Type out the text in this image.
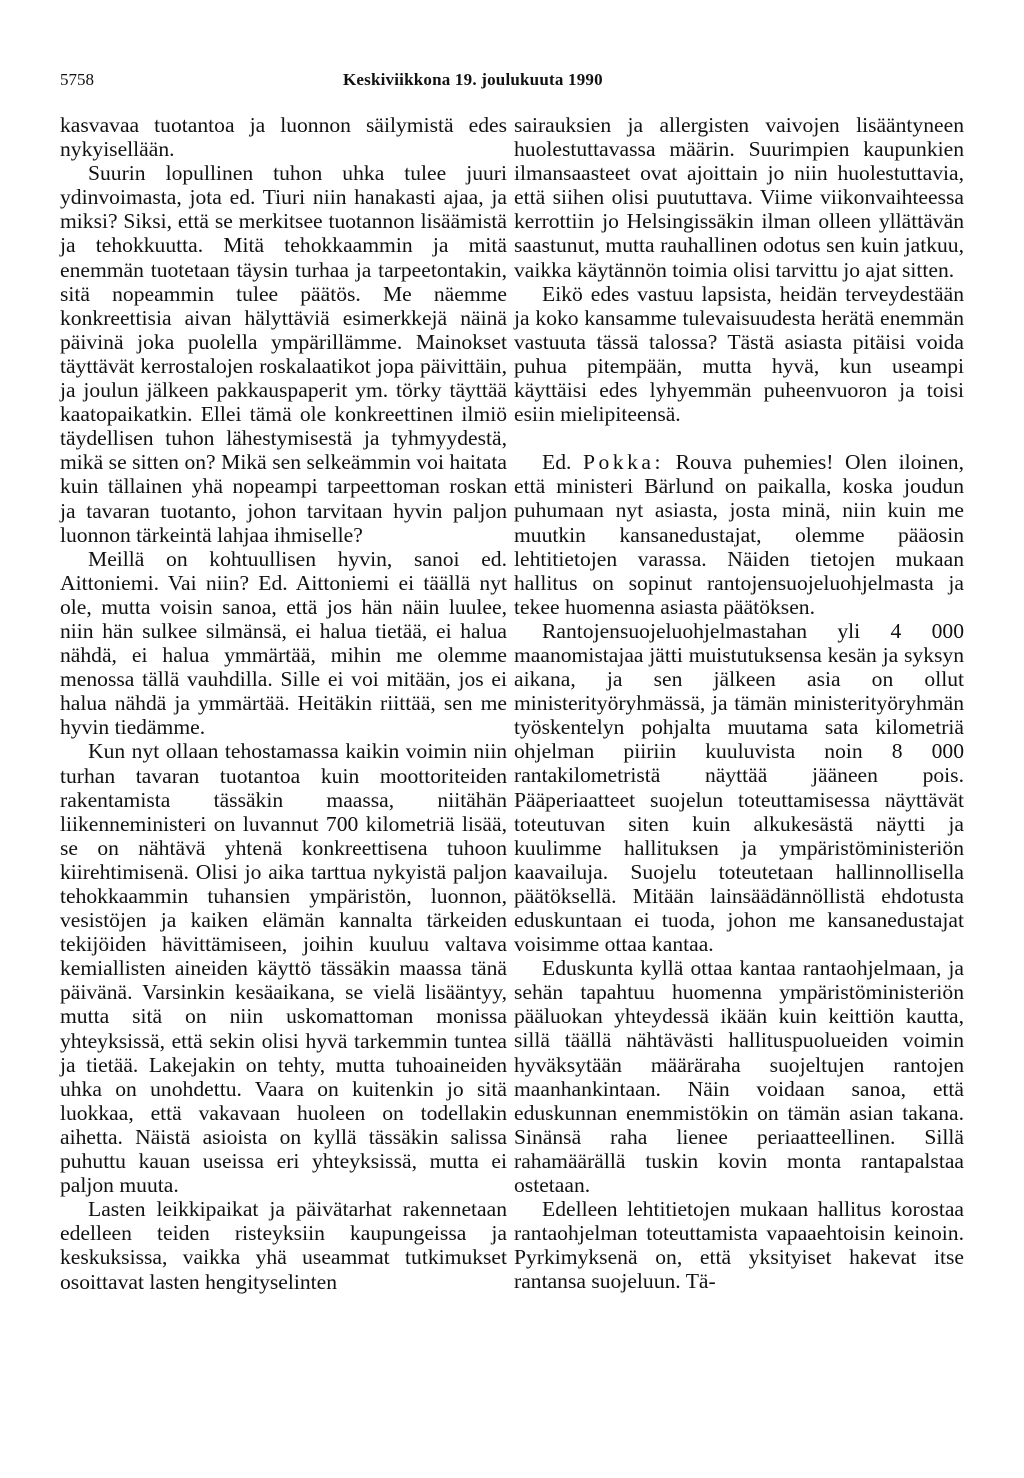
5758	Keskiviikkona 19. joulukuuta 1990

kasvavaa tuotantoa ja luonnon säilymistä edes nykyisellään.

Suurin lopullinen tuhon uhka tulee juuri ydinvoimasta, jota ed. Tiuri niin hanakasti ajaa, ja miksi? Siksi, että se merkitsee tuotannon lisäämistä ja tehokkuutta. Mitä tehokkaammin ja mitä enemmän tuotetaan täysin turhaa ja tarpeetontakin, sitä nopeammin tulee päätös. Me näemme konkreettisia aivan hälyttäviä esimerkkejä näinä päivinä joka puolella ympärillämme. Mainokset täyttävät kerrostalojen roskalaatikot jopa päivittäin, ja joulun jälkeen pakkauspaperit ym. törky täyttää kaatopaikatkin. Ellei tämä ole konkreettinen ilmiö täydellisen tuhon lähestymisestä ja tyhmyydestä, mikä se sitten on? Mikä sen selkeämmin voi haitata kuin tällainen yhä nopeampi tarpeettoman roskan ja tavaran tuotanto, johon tarvitaan hyvin paljon luonnon tärkeintä lahjaa ihmiselle?

Meillä on kohtuullisen hyvin, sanoi ed. Aittoniemi. Vai niin? Ed. Aittoniemi ei täällä nyt ole, mutta voisin sanoa, että jos hän näin luulee, niin hän sulkee silmänsä, ei halua tietää, ei halua nähdä, ei halua ymmärtää, mihin me olemme menossa tällä vauhdilla. Sille ei voi mitään, jos ei halua nähdä ja ymmärtää. Heitäkin riittää, sen me hyvin tiedämme.

Kun nyt ollaan tehostamassa kaikin voimin niin turhan tavaran tuotantoa kuin moottoriteiden rakentamista tässäkin maassa, niitähän liikenneministeri on luvannut 700 kilometriä lisää, se on nähtävä yhtenä konkreettisena tuhoon kiirehtimisenä. Olisi jo aika tarttua nykyistä paljon tehokkaammin tuhansien ympäristön, luonnon, vesistöjen ja kaiken elämän kannalta tärkeiden tekijöiden hävittämiseen, joihin kuuluu valtava kemiallisten aineiden käyttö tässäkin maassa tänä päivänä. Varsinkin kesäaikana, se vielä lisääntyy, mutta sitä on niin uskomattoman monissa yhteyksissä, että sekin olisi hyvä tarkemmin tuntea ja tietää. Lakejakin on tehty, mutta tuhoaineiden uhka on unohdettu. Vaara on kuitenkin jo sitä luokkaa, että vakavaan huoleen on todellakin aihetta. Näistä asioista on kyllä tässäkin salissa puhuttu kauan useissa eri yhteyksissä, mutta ei paljon muuta.

Lasten leikkipaikat ja päivätarhat rakennetaan edelleen teiden risteyksiin kaupungeissa ja keskuksissa, vaikka yhä useammat tutkimukset osoittavat lasten hengityselinten

sairauksien ja allergisten vaivojen lisääntyneen huolestuttavassa määrin. Suurimpien kaupunkien ilmansaasteet ovat ajoittain jo niin huolestuttavia, että siihen olisi puututtava. Viime viikonvaihteessa kerrottiin jo Helsingissäkin ilman olleen yllättävän saastunut, mutta rauhallinen odotus sen kuin jatkuu, vaikka käytännön toimia olisi tarvittu jo ajat sitten.

Eikö edes vastuu lapsista, heidän terveydestään ja koko kansamme tulevaisuudesta herätä enemmän vastuuta tässä talossa? Tästä asiasta pitäisi voida puhua pitempään, mutta hyvä, kun useampi käyttäisi edes lyhyemmän puheenvuoron ja toisi esiin mielipiteensä.

Ed. Pokka: Rouva puhemies! Olen iloinen, että ministeri Bärlund on paikalla, koska joudun puhumaan nyt asiasta, josta minä, niin kuin me muutkin kansanedustajat, olemme pääosin lehtitietojen varassa. Näiden tietojen mukaan hallitus on sopinut rantojensuojeluohjelmasta ja tekee huomenna asiasta päätöksen.

Rantojensuojeluohjelmastahan yli 4 000 maanomistajaa jätti muistutuksensa kesän ja syksyn aikana, ja sen jälkeen asia on ollut ministerityöryhmässä, ja tämän ministerityöryhmän työskentelyn pohjalta muutama sata kilometriä ohjelman piiriin kuuluvista noin 8 000 rantakilometristä näyttää jääneen pois. Pääperiaatteet suojelun toteuttamisessa näyttävät toteutuvan siten kuin alkukesästä näytti ja kuulimme hallituksen ja ympäristöministeriön kaavailuja. Suojelu toteutetaan hallinnollisella päätöksellä. Mitään lainsäädännöllistä ehdotusta eduskuntaan ei tuoda, johon me kansanedustajat voisimme ottaa kantaa.

Eduskunta kyllä ottaa kantaa rantaohjelmaan, ja sehän tapahtuu huomenna ympäristöministeriön pääluokan yhteydessä ikään kuin keittiön kautta, sillä täällä nähtävästi hallituspuolueiden voimin hyväksytään määräraha suojeltujen rantojen maanhankintaan. Näin voidaan sanoa, että eduskunnan enemmistökin on tämän asian takana. Sinänsä raha lienee periaatteellinen. Sillä rahamäärällä tuskin kovin monta rantapalstaa ostetaan.

Edelleen lehtitietojen mukaan hallitus korostaa rantaohjelman toteuttamista vapaaehtoisin keinoin. Pyrkimyksenä on, että yksityiset hakevat itse rantansa suojeluun. Tä-
